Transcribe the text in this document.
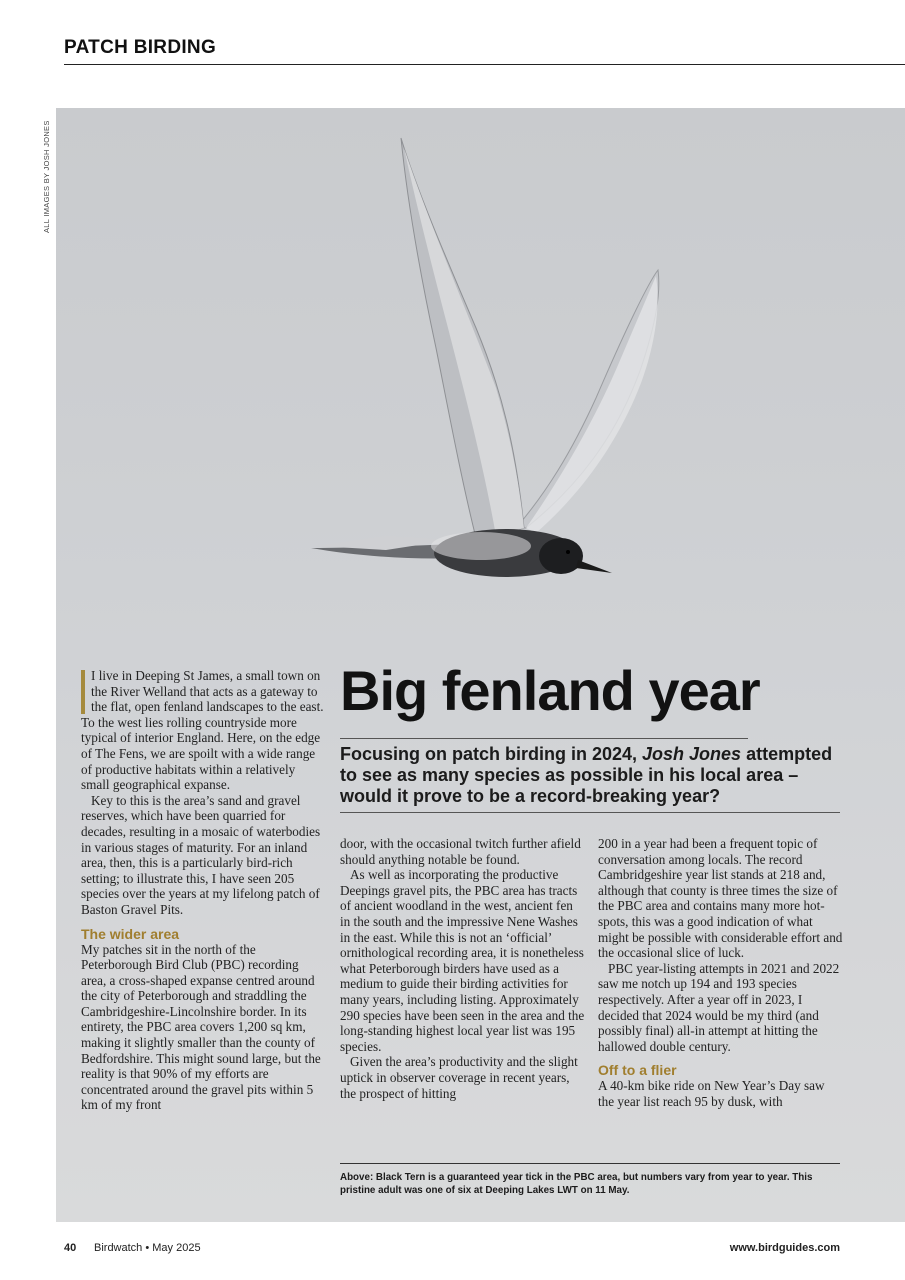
PATCH BIRDING
ALL IMAGES BY JOSH JONES

I live in Deeping St James, a small town on the River Welland that acts as a gateway to the flat, open fenland landscapes to the east. To the west lies rolling countryside more typical of interior England. Here, on the edge of The Fens, we are spoilt with a wide range of productive habitats within a relatively small geographical expanse.

Key to this is the area’s sand and gravel reserves, which have been quarried for decades, resulting in a mosaic of waterbodies in various stages of maturity. For an inland area, then, this is a particularly bird-rich setting; to illustrate this, I have seen 205 species over the years at my lifelong patch of Baston Gravel Pits.

The wider area

My patches sit in the north of the Peterborough Bird Club (PBC) recording area, a cross-shaped expanse centred around the city of Peterborough and straddling the Cambridgeshire-Lincolnshire border. In its entirety, the PBC area covers 1,200 sq km, making it slightly smaller than the county of Bedfordshire. This might sound large, but the reality is that 90% of my efforts are concentrated around the gravel pits within 5 km of my front

Big fenland year
Focusing on patch birding in 2024, Josh Jones attempted to see as many species as possible in his local area – would it prove to be a record-breaking year?

door, with the occasional twitch further afield should anything notable be found.

As well as incorporating the productive Deepings gravel pits, the PBC area has tracts of ancient woodland in the west, ancient fen in the south and the impressive Nene Washes in the east. While this is not an ‘official’ ornithological recording area, it is nonetheless what Peterborough birders have used as a medium to guide their birding activities for many years, including listing. Approximately 290 species have been seen in the area and the long-standing highest local year list was 195 species.

Given the area’s productivity and the slight uptick in observer coverage in recent years, the prospect of hitting

200 in a year had been a frequent topic of conversation among locals. The record Cambridgeshire year list stands at 218 and, although that county is three times the size of the PBC area and contains many more hot-spots, this was a good indication of what might be possible with considerable effort and the occasional slice of luck.

PBC year-listing attempts in 2021 and 2022 saw me notch up 194 and 193 species respectively. After a year off in 2023, I decided that 2024 would be my third (and possibly final) all-in attempt at hitting the hallowed double century.

Off to a flier

A 40-km bike ride on New Year’s Day saw the year list reach 95 by dusk, with

Above: Black Tern is a guaranteed year tick in the PBC area, but numbers vary from year to year. This pristine adult was one of six at Deeping Lakes LWT on 11 May.
40 Birdwatch • May 2025	www.birdguides.com
